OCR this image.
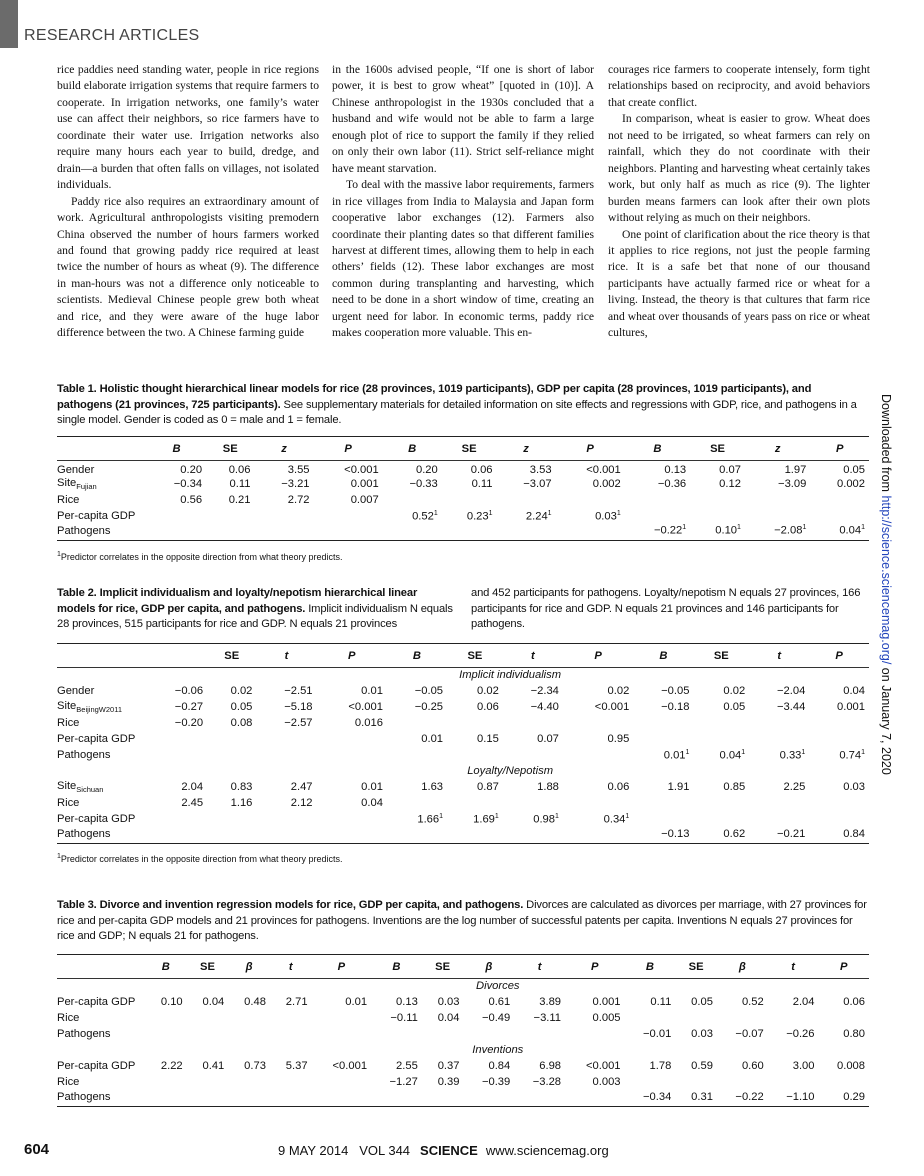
RESEARCH ARTICLES
Downloaded from http://science.sciencemag.org/ on January 7, 2020

rice paddies need standing water, people in rice regions build elaborate irrigation systems that require farmers to cooperate. In irrigation networks, one family’s water use can affect their neighbors, so rice farmers have to coordinate their water use. Irrigation networks also require many hours each year to build, dredge, and drain—a burden that often falls on villages, not isolated individuals.

Paddy rice also requires an extraordinary amount of work. Agricultural anthropologists visiting premodern China observed the number of hours farmers worked and found that growing paddy rice required at least twice the number of hours as wheat (9). The difference in man-hours was not a difference only noticeable to scientists. Medieval Chinese people grew both wheat and rice, and they were aware of the huge labor difference between the two. A Chinese farming guide

in the 1600s advised people, “If one is short of labor power, it is best to grow wheat” [quoted in (10)]. A Chinese anthropologist in the 1930s concluded that a husband and wife would not be able to farm a large enough plot of rice to support the family if they relied on only their own labor (11). Strict self-reliance might have meant starvation.

To deal with the massive labor requirements, farmers in rice villages from India to Malaysia and Japan form cooperative labor exchanges (12). Farmers also coordinate their planting dates so that different families harvest at different times, allowing them to help in each others’ fields (12). These labor exchanges are most common during transplanting and harvesting, which need to be done in a short window of time, creating an urgent need for labor. In economic terms, paddy rice makes cooperation more valuable. This en-

courages rice farmers to cooperate intensely, form tight relationships based on reciprocity, and avoid behaviors that create conflict.

In comparison, wheat is easier to grow. Wheat does not need to be irrigated, so wheat farmers can rely on rainfall, which they do not coordinate with their neighbors. Planting and harvesting wheat certainly takes work, but only half as much as rice (9). The lighter burden means farmers can look after their own plots without relying as much on their neighbors.

One point of clarification about the rice theory is that it applies to rice regions, not just the people farming rice. It is a safe bet that none of our thousand participants have actually farmed rice or wheat for a living. Instead, the theory is that cultures that farm rice and wheat over thousands of years pass on rice or wheat cultures,

Table 1. Holistic thought hierarchical linear models for rice (28 provinces, 1019 participants), GDP per capita (28 provinces, 1019 participants), and pathogens (21 provinces, 725 participants). See supplementary materials for detailed information on site effects and regressions with GDP, rice, and pathogens in a single model. Gender is coded as 0 = male and 1 = female.
	B	SE	z	P	B	SE	z	P	B	SE	z	P
Gender	0.20	0.06	3.55	<0.001	0.20	0.06	3.53	<0.001	0.13	0.07	1.97	0.05
Site$_{Fujian}$	−0.34	0.11	−3.21	0.001	−0.33	0.11	−3.07	0.002	−0.36	0.12	−3.09	0.002
Rice	0.56	0.21	2.72	0.007								
Per-capita GDP					0.52$^1$	0.23$^1$	2.24$^1$	0.03$^1$				
Pathogens									$-0.22^1$	$0.10^1$	$-2.08^1$	0.04$^1$
$^1$Predictor correlates in the opposite direction from what theory predicts.
Table 2. Implicit individualism and loyalty/nepotism hierarchical linear models for rice, GDP per capita, and pathogens. Implicit individualism N equals 28 provinces, 515 participants for rice and GDP. N equals 21 provinces
and 452 participants for pathogens. Loyalty/nepotism N equals 27 provinces, 166 participants for rice and GDP. N equals 21 provinces and 146 participants for pathogens.
		SE	t	P	B	SE	t	P	B	SE	t	P
					Implicit individualism							
Gender	−0.06	0.02	−2.51	0.01	−0.05	0.02	−2.34	0.02	−0.05	0.02	−2.04	0.04
Site$_{BeijingW2011}$	−0.27	0.05	−5.18	<0.001	−0.25	0.06	−4.40	<0.001	−0.18	0.05	−3.44	0.001
Rice	−0.20	0.08	−2.57	0.016								
Per-capita GDP					0.01	0.15	0.07	0.95				
Pathogens									0.01$^1$	0.04$^1$	0.33$^1$	0.74$^1$
					Loyalty/Nepotism							
Site$_{Sichuan}$	2.04	0.83	2.47	0.01	1.63	0.87	1.88	0.06	1.91	0.85	2.25	0.03
Rice	2.45	1.16	2.12	0.04								
Per-capita GDP					1.66$^1$	1.69$^1$	0.98$^1$	0.34$^1$				
Pathogens									−0.13	0.62	−0.21	0.84
$^1$Predictor correlates in the opposite direction from what theory predicts.
Table 3. Divorce and invention regression models for rice, GDP per capita, and pathogens. Divorces are calculated as divorces per marriage, with 27 provinces for rice and per-capita GDP models and 21 provinces for pathogens. Inventions are the log number of successful patents per capita. Inventions N equals 27 provinces for rice and GDP; N equals 21 for pathogens.
	B	SE	β	t	P	B	SE	β	t	P	B	SE	β	t	P
						Divorces									
Per-capita GDP	0.10	0.04	0.48	2.71	0.01	0.13	0.03	0.61	3.89	0.001	0.11	0.05	0.52	2.04	0.06
Rice						−0.11	0.04	−0.49	−3.11	0.005					
Pathogens											−0.01	0.03	−0.07	−0.26	0.80
						Inventions									
Per-capita GDP	2.22	0.41	0.73	5.37	<0.001	2.55	0.37	0.84	6.98	<0.001	1.78	0.59	0.60	3.00	0.008
Rice						−1.27	0.39	−0.39	−3.28	0.003					
Pathogens											−0.34	0.31	−0.22	−1.10	0.29
604	9 MAY 2014 VOL 344 SCIENCE www.sciencemag.org
